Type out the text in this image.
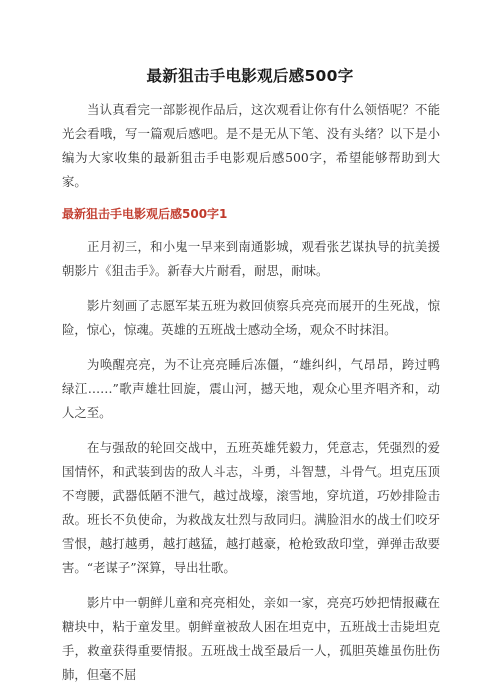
最新狙击手电影观后感500字

当认真看完一部影视作品后，这次观看让你有什么领悟呢？不能光会看哦，写一篇观后感吧。是不是无从下笔、没有头绪？以下是小编为大家收集的最新狙击手电影观后感500字，希望能够帮助到大家。

最新狙击手电影观后感500字1

正月初三，和小鬼一早来到南通影城，观看张艺谋执导的抗美援朝影片《狙击手》。新春大片耐看，耐思，耐味。

影片刻画了志愿军某五班为救回侦察兵亮亮而展开的生死战，惊险，惊心，惊魂。英雄的五班战士感动全场，观众不时抹泪。

为唤醒亮亮，为不让亮亮睡后冻僵，“雄纠纠，气昂昂，跨过鸭绿江……”歌声雄壮回旋，震山河，撼天地，观众心里齐唱齐和，动人之至。

在与强敌的轮回交战中，五班英雄凭毅力，凭意志，凭强烈的爱国情怀，和武装到齿的敌人斗志，斗勇，斗智慧，斗骨气。坦克压顶不弯腰，武器低陋不泄气，越过战壕，滚雪地，穿坑道，巧妙排险击敌。班长不负使命，为救战友壮烈与敌同归。满脸泪水的战士们咬牙雪恨，越打越勇，越打越猛，越打越豪，枪枪致敌印堂，弹弹击敌要害。“老谋子”深算，导出壮歌。

影片中一朝鲜儿童和亮亮相处，亲如一家，亮亮巧妙把情报藏在糖块中，粘于童发里。朝鲜童被敌人困在坦克中，五班战士击毙坦克手，救童获得重要情报。五班战士战至最后一人，孤胆英雄虽伤肚伤肺，但毫不屈
